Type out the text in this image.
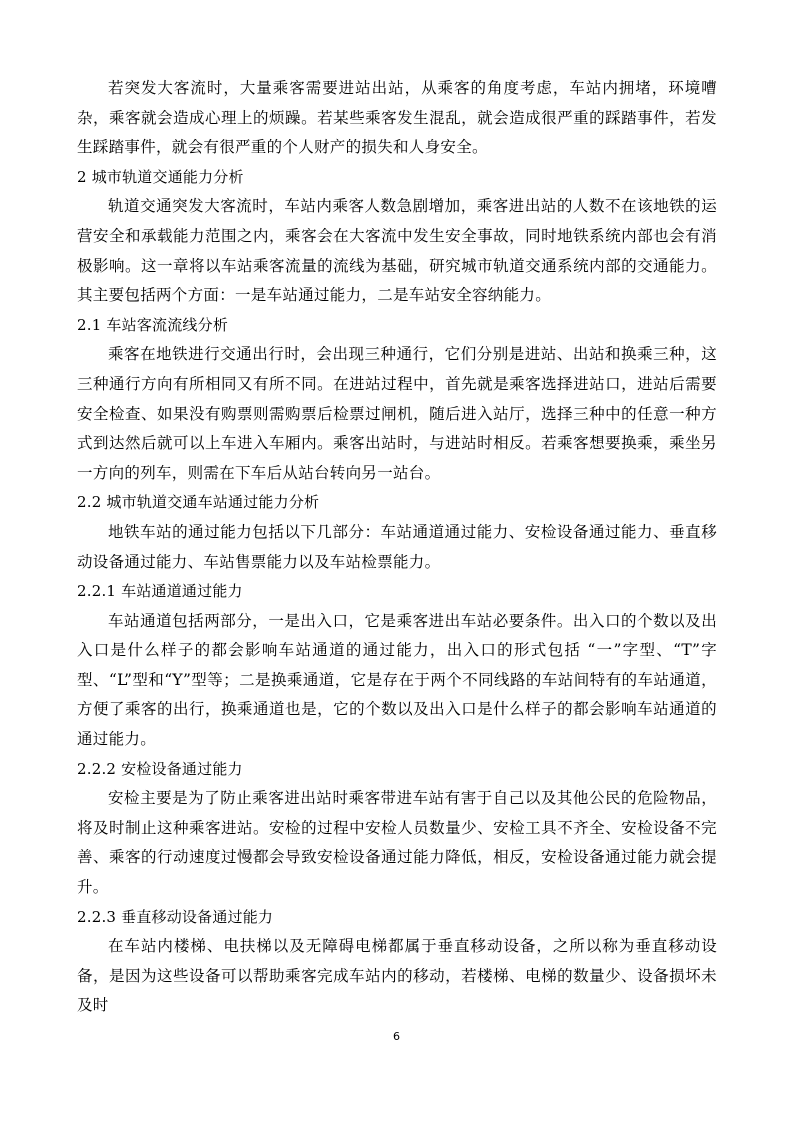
若突发大客流时，大量乘客需要进站出站，从乘客的角度考虑，车站内拥堵，环境嘈杂，乘客就会造成心理上的烦躁。若某些乘客发生混乱，就会造成很严重的踩踏事件，若发生踩踏事件，就会有很严重的个人财产的损失和人身安全。

2 城市轨道交通能力分析

轨道交通突发大客流时，车站内乘客人数急剧增加，乘客进出站的人数不在该地铁的运营安全和承载能力范围之内，乘客会在大客流中发生安全事故，同时地铁系统内部也会有消极影响。这一章将以车站乘客流量的流线为基础，研究城市轨道交通系统内部的交通能力。其主要包括两个方面：一是车站通过能力，二是车站安全容纳能力。

2.1 车站客流流线分析

乘客在地铁进行交通出行时，会出现三种通行，它们分别是进站、出站和换乘三种，这三种通行方向有所相同又有所不同。在进站过程中，首先就是乘客选择进站口，进站后需要安全检查、如果没有购票则需购票后检票过闸机，随后进入站厅，选择三种中的任意一种方式到达然后就可以上车进入车厢内。乘客出站时，与进站时相反。若乘客想要换乘，乘坐另一方向的列车，则需在下车后从站台转向另一站台。

2.2 城市轨道交通车站通过能力分析

地铁车站的通过能力包括以下几部分：车站通道通过能力、安检设备通过能力、垂直移动设备通过能力、车站售票能力以及车站检票能力。

2.2.1 车站通道通过能力

车站通道包括两部分，一是出入口，它是乘客进出车站必要条件。出入口的个数以及出入口是什么样子的都会影响车站通道的通过能力，出入口的形式包括 “一”字型、“T”字型、“L”型和“Y”型等；二是换乘通道，它是存在于两个不同线路的车站间特有的车站通道，方便了乘客的出行，换乘通道也是，它的个数以及出入口是什么样子的都会影响车站通道的通过能力。

2.2.2 安检设备通过能力

安检主要是为了防止乘客进出站时乘客带进车站有害于自己以及其他公民的危险物品，将及时制止这种乘客进站。安检的过程中安检人员数量少、安检工具不齐全、安检设备不完善、乘客的行动速度过慢都会导致安检设备通过能力降低，相反，安检设备通过能力就会提升。

2.2.3 垂直移动设备通过能力

在车站内楼梯、电扶梯以及无障碍电梯都属于垂直移动设备，之所以称为垂直移动设备，是因为这些设备可以帮助乘客完成车站内的移动，若楼梯、电梯的数量少、设备损坏未及时

6
